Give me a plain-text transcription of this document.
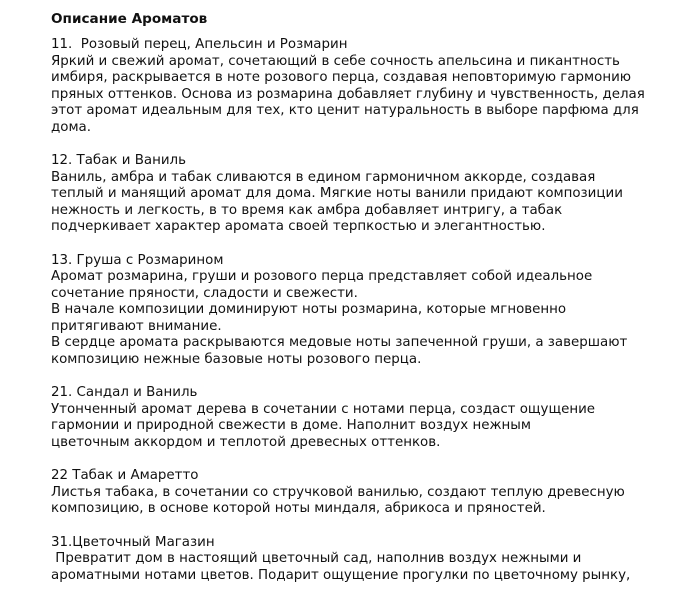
Описание Ароматов
11.  Розовый перец, Апельсин и Розмарин
Яркий и свежий аромат, сочетающий в себе сочность апельсина и пикантность
имбиря, раскрывается в ноте розового перца, создавая неповторимую гармонию
пряных оттенков. Основа из розмарина добавляет глубину и чувственность, делая
этот аромат идеальным для тех, кто ценит натуральность в выборе парфюма для
дома.
12. Табак и Ваниль
Ваниль, амбра и табак сливаются в едином гармоничном аккорде, создавая
теплый и манящий аромат для дома. Мягкие ноты ванили придают композиции
нежность и легкость, в то время как амбра добавляет интригу, а табак
подчеркивает характер аромата своей терпкостью и элегантностью.
13. Груша с Розмарином
Аромат розмарина, груши и розового перца представляет собой идеальное
сочетание пряности, сладости и свежести.
В начале композиции доминируют ноты розмарина, которые мгновенно
притягивают внимание.
В сердце аромата раскрываются медовые ноты запеченной груши, а завершают
композицию нежные базовые ноты розового перца.
21. Сандал и Ваниль
Утонченный аромат дерева в сочетании с нотами перца, создаст ощущение
гармонии и природной свежести в доме. Наполнит воздух нежным
цветочным аккордом и теплотой древесных оттенков.
22 Табак и Амаретто
Листья табака, в сочетании со стручковой ванилью, создают теплую древесную
композицию, в основе которой ноты миндаля, абрикоса и пряностей.
31.Цветочный Магазин
Превратит дом в настоящий цветочный сад, наполнив воздух нежными и
ароматными нотами цветов. Подарит ощущение прогулки по цветочному рынку,
